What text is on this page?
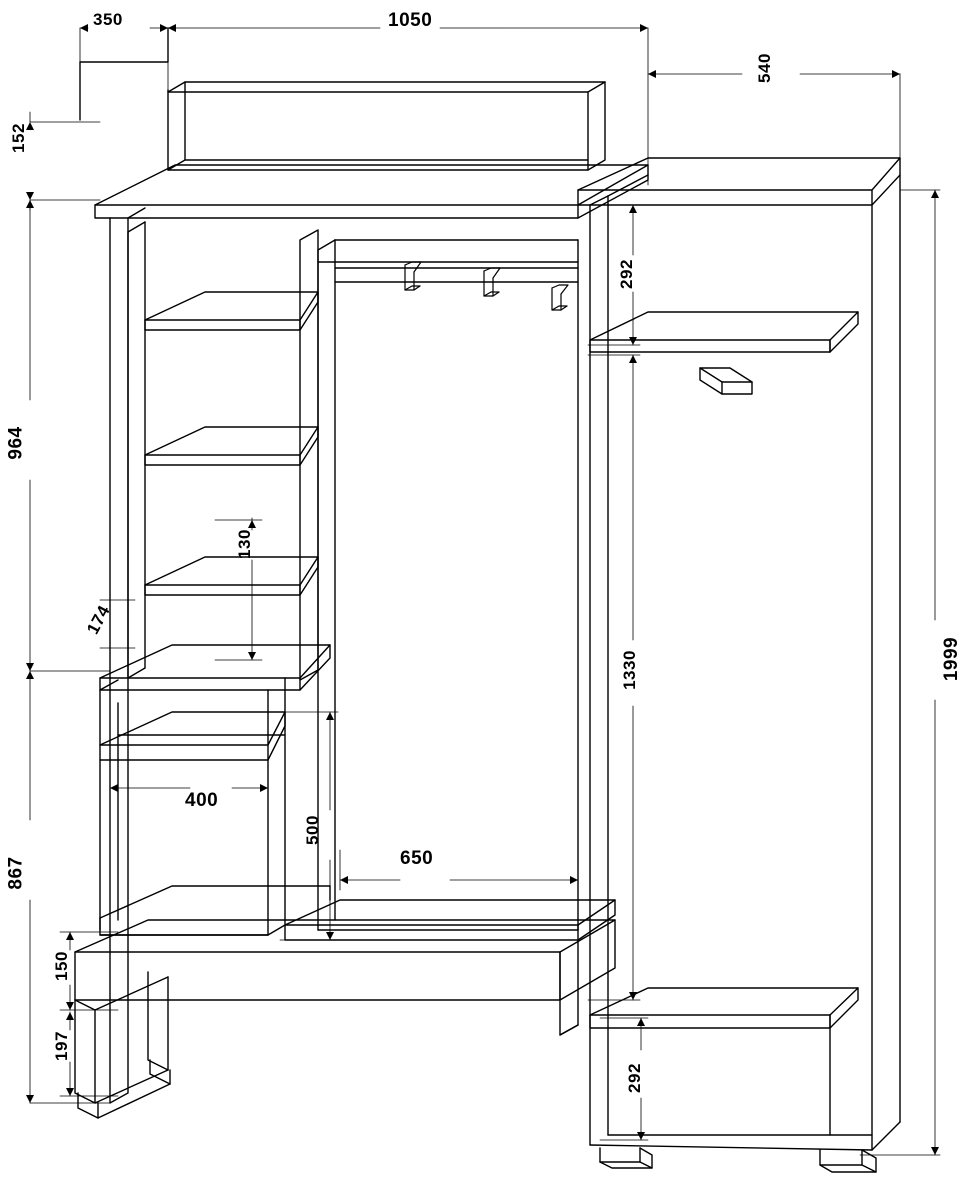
350	1050
540
152
964
867
1999
292
1330
292
130
174
400
500
650
150
197
